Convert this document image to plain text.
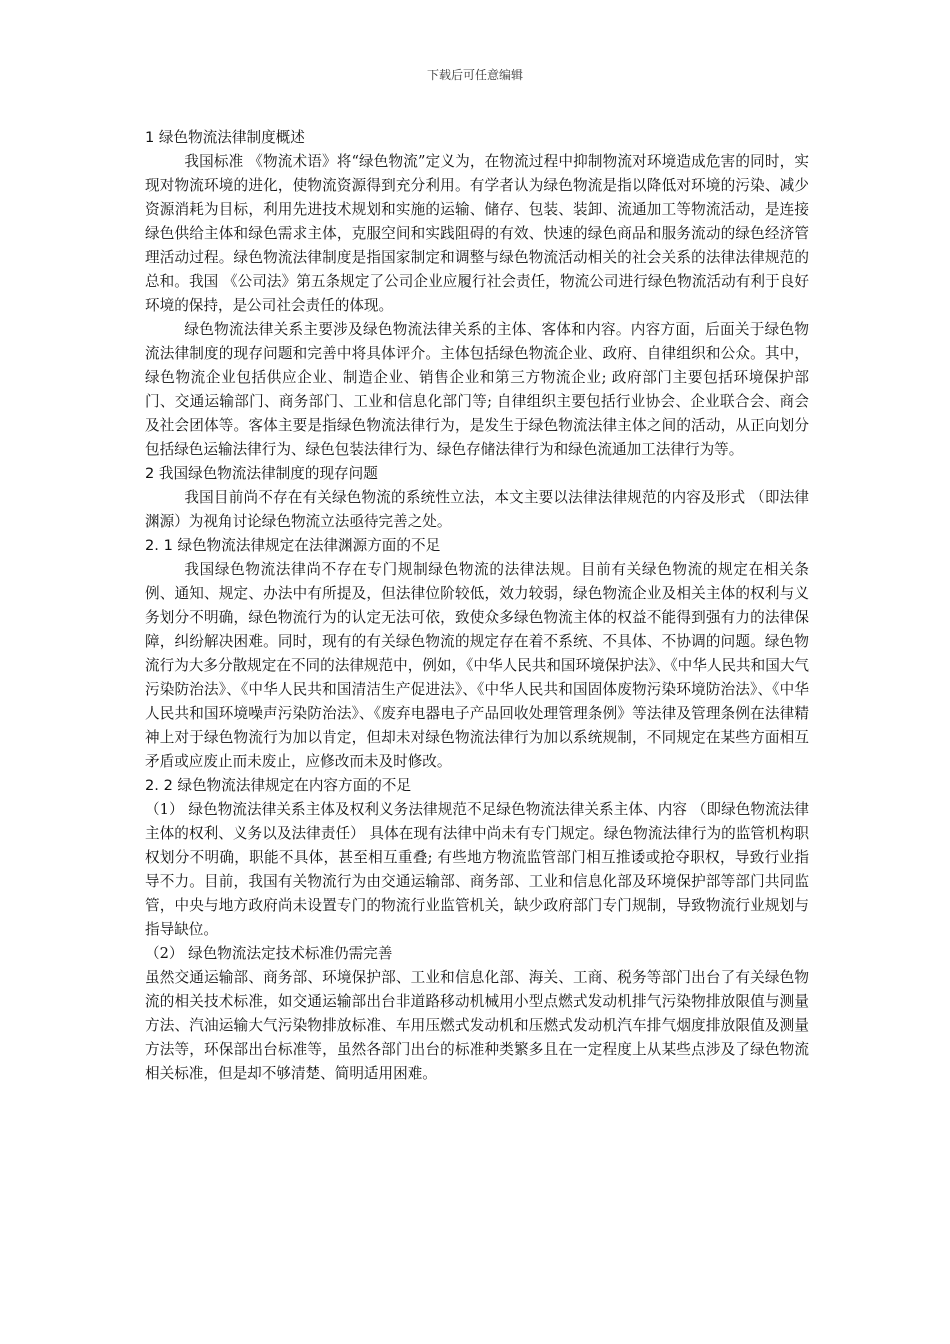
下载后可任意编辑

1 绿色物流法律制度概述

我国标准 《物流术语》将“绿色物流”定义为，在物流过程中抑制物流对环境造成危害的同时，实现对物流环境的进化，使物流资源得到充分利用。有学者认为绿色物流是指以降低对环境的污染、减少资源消耗为目标，利用先进技术规划和实施的运输、储存、包装、装卸、流通加工等物流活动，是连接绿色供给主体和绿色需求主体，克服空间和实践阻碍的有效、快速的绿色商品和服务流动的绿色经济管理活动过程。绿色物流法律制度是指国家制定和调整与绿色物流活动相关的社会关系的法律法律规范的总和。我国 《公司法》第五条规定了公司企业应履行社会责任，物流公司进行绿色物流活动有利于良好环境的保持，是公司社会责任的体现。

绿色物流法律关系主要涉及绿色物流法律关系的主体、客体和内容。内容方面，后面关于绿色物流法律制度的现存问题和完善中将具体评介。主体包括绿色物流企业、政府、自律组织和公众。其中，绿色物流企业包括供应企业、制造企业、销售企业和第三方物流企业; 政府部门主要包括环境保护部门、交通运输部门、商务部门、工业和信息化部门等; 自律组织主要包括行业协会、企业联合会、商会及社会团体等。客体主要是指绿色物流法律行为，是发生于绿色物流法律主体之间的活动，从正向划分包括绿色运输法律行为、绿色包装法律行为、绿色存储法律行为和绿色流通加工法律行为等。

2 我国绿色物流法律制度的现存问题

我国目前尚不存在有关绿色物流的系统性立法，本文主要以法律法律规范的内容及形式 （即法律渊源）为视角讨论绿色物流立法亟待完善之处。

2. 1 绿色物流法律规定在法律渊源方面的不足

我国绿色物流法律尚不存在专门规制绿色物流的法律法规。目前有关绿色物流的规定在相关条例、通知、规定、办法中有所提及，但法律位阶较低，效力较弱，绿色物流企业及相关主体的权利与义务划分不明确，绿色物流行为的认定无法可依，致使众多绿色物流主体的权益不能得到强有力的法律保障，纠纷解决困难。同时，现有的有关绿色物流的规定存在着不系统、不具体、不协调的问题。绿色物流行为大多分散规定在不同的法律规范中，例如，《中华人民共和国环境保护法》、《中华人民共和国大气污染防治法》、《中华人民共和国清洁生产促进法》、《中华人民共和国固体废物污染环境防治法》、《中华人民共和国环境噪声污染防治法》、《废弃电器电子产品回收处理管理条例》等法律及管理条例在法律精神上对于绿色物流行为加以肯定，但却未对绿色物流法律行为加以系统规制，不同规定在某些方面相互矛盾或应废止而未废止，应修改而未及时修改。

2. 2 绿色物流法律规定在内容方面的不足

（1） 绿色物流法律关系主体及权利义务法律规范不足绿色物流法律关系主体、内容 （即绿色物流法律主体的权利、义务以及法律责任） 具体在现有法律中尚未有专门规定。绿色物流法律行为的监管机构职权划分不明确，职能不具体，甚至相互重叠; 有些地方物流监管部门相互推诿或抢夺职权，导致行业指导不力。目前，我国有关物流行为由交通运输部、商务部、工业和信息化部及环境保护部等部门共同监管，中央与地方政府尚未设置专门的物流行业监管机关，缺少政府部门专门规制，导致物流行业规划与指导缺位。

（2） 绿色物流法定技术标准仍需完善

虽然交通运输部、商务部、环境保护部、工业和信息化部、海关、工商、税务等部门出台了有关绿色物流的相关技术标准，如交通运输部出台非道路移动机械用小型点燃式发动机排气污染物排放限值与测量方法、汽油运输大气污染物排放标准、车用压燃式发动机和压燃式发动机汽车排气烟度排放限值及测量方法等，环保部出台标准等，虽然各部门出台的标准种类繁多且在一定程度上从某些点涉及了绿色物流相关标准，但是却不够清楚、简明适用困难。
